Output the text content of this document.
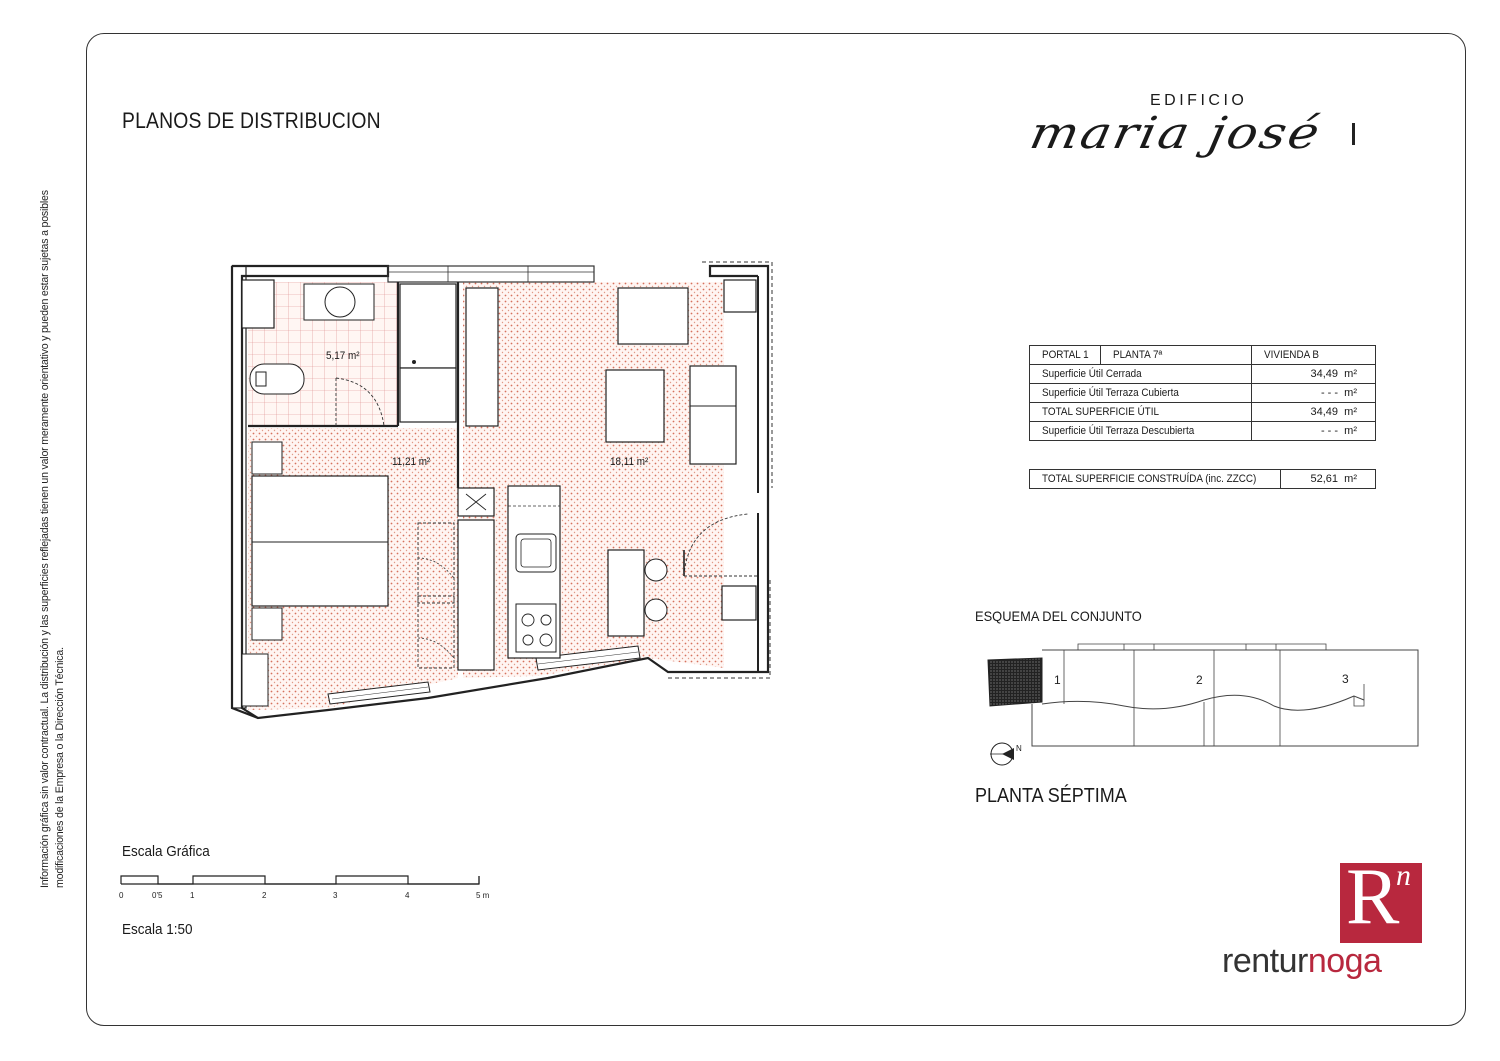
Información gráfica sin valor contractual. La distribución y las superficies reflejadas tienen un valor meramente orientativo y pueden estar sujetas a posibles modificaciones de la Empresa o la Dirección Técnica.
PLANOS DE DISTRIBUCION
EDIFICIO
maria josé
5,17 m²
11,21 m²	18,11 m²
PORTAL 1	PLANTA 7ª	VIVIENDA B
Superficie Útil Cerrada		34,49 m²
Superficie Útil Terraza Cubierta		- - - m²
TOTAL SUPERFICIE ÚTIL		34,49 m²
Superficie Útil Terraza Descubierta		- - - m²
TOTAL SUPERFICIE CONSTRUÍDA (inc. ZZCC)	52,61 m²
ESQUEMA DEL CONJUNTO
1	2	3
N
PLANTA SÉPTIMA
Escala Gráfica
0	0'5	1	2	3	4	5 m
Escala 1:50	R
n
renturnoga
